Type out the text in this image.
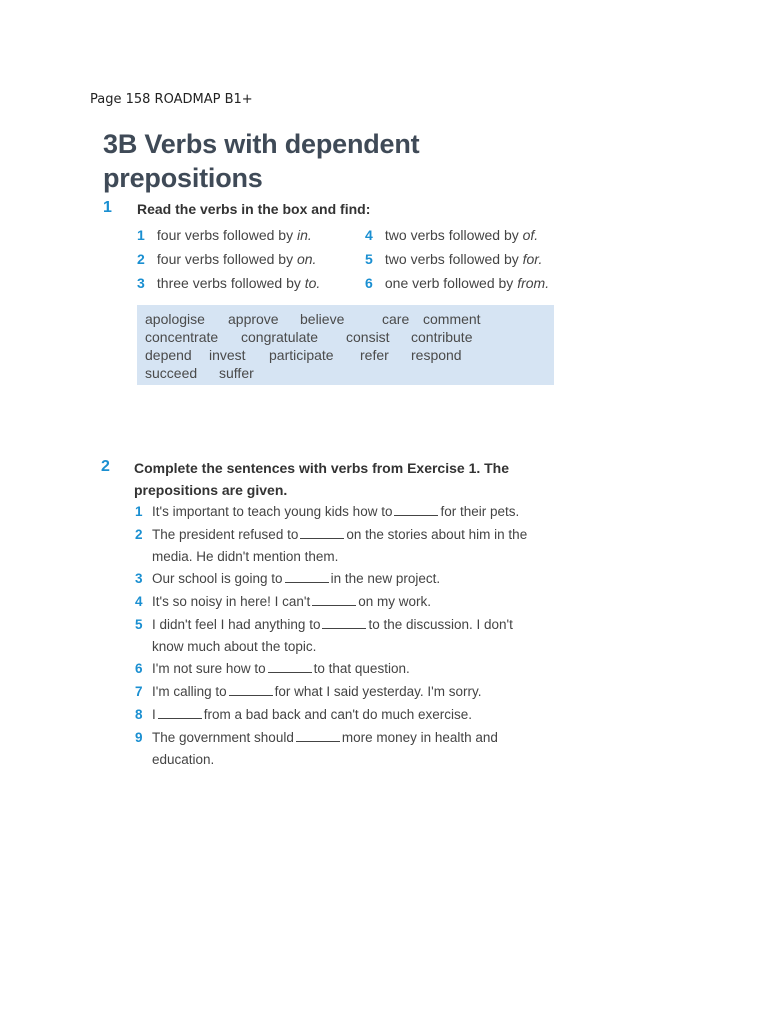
Page 158 ROADMAP B1+
3B Verbs with dependent prepositions
1 Read the verbs in the box and find:
1 four verbs followed by in.
2 four verbs followed by on.
3 three verbs followed by to.
4 two verbs followed by of.
5 two verbs followed by for.
6 one verb followed by from.
apologise approve believe	care comment
concentrate congratulate consist contribute
depend invest participate refer respond
succeed suffer
2 Complete the sentences with verbs from Exercise 1. The prepositions are given.
1 It's important to teach young kids how to	for their pets.
2 The president refused to	on the stories about him in the media. He didn't mention them.
3 Our school is going to	in the new project.
4 It's so noisy in here! I can't	on my work.
5 I didn't feel I had anything to	to the discussion. I don't know much about the topic.
6 I'm not sure how to	to that question.
7 I'm calling to	for what I said yesterday. I'm sorry.
8 I	from a bad back and can't do much exercise.
9 The government should	more money in health and education.
